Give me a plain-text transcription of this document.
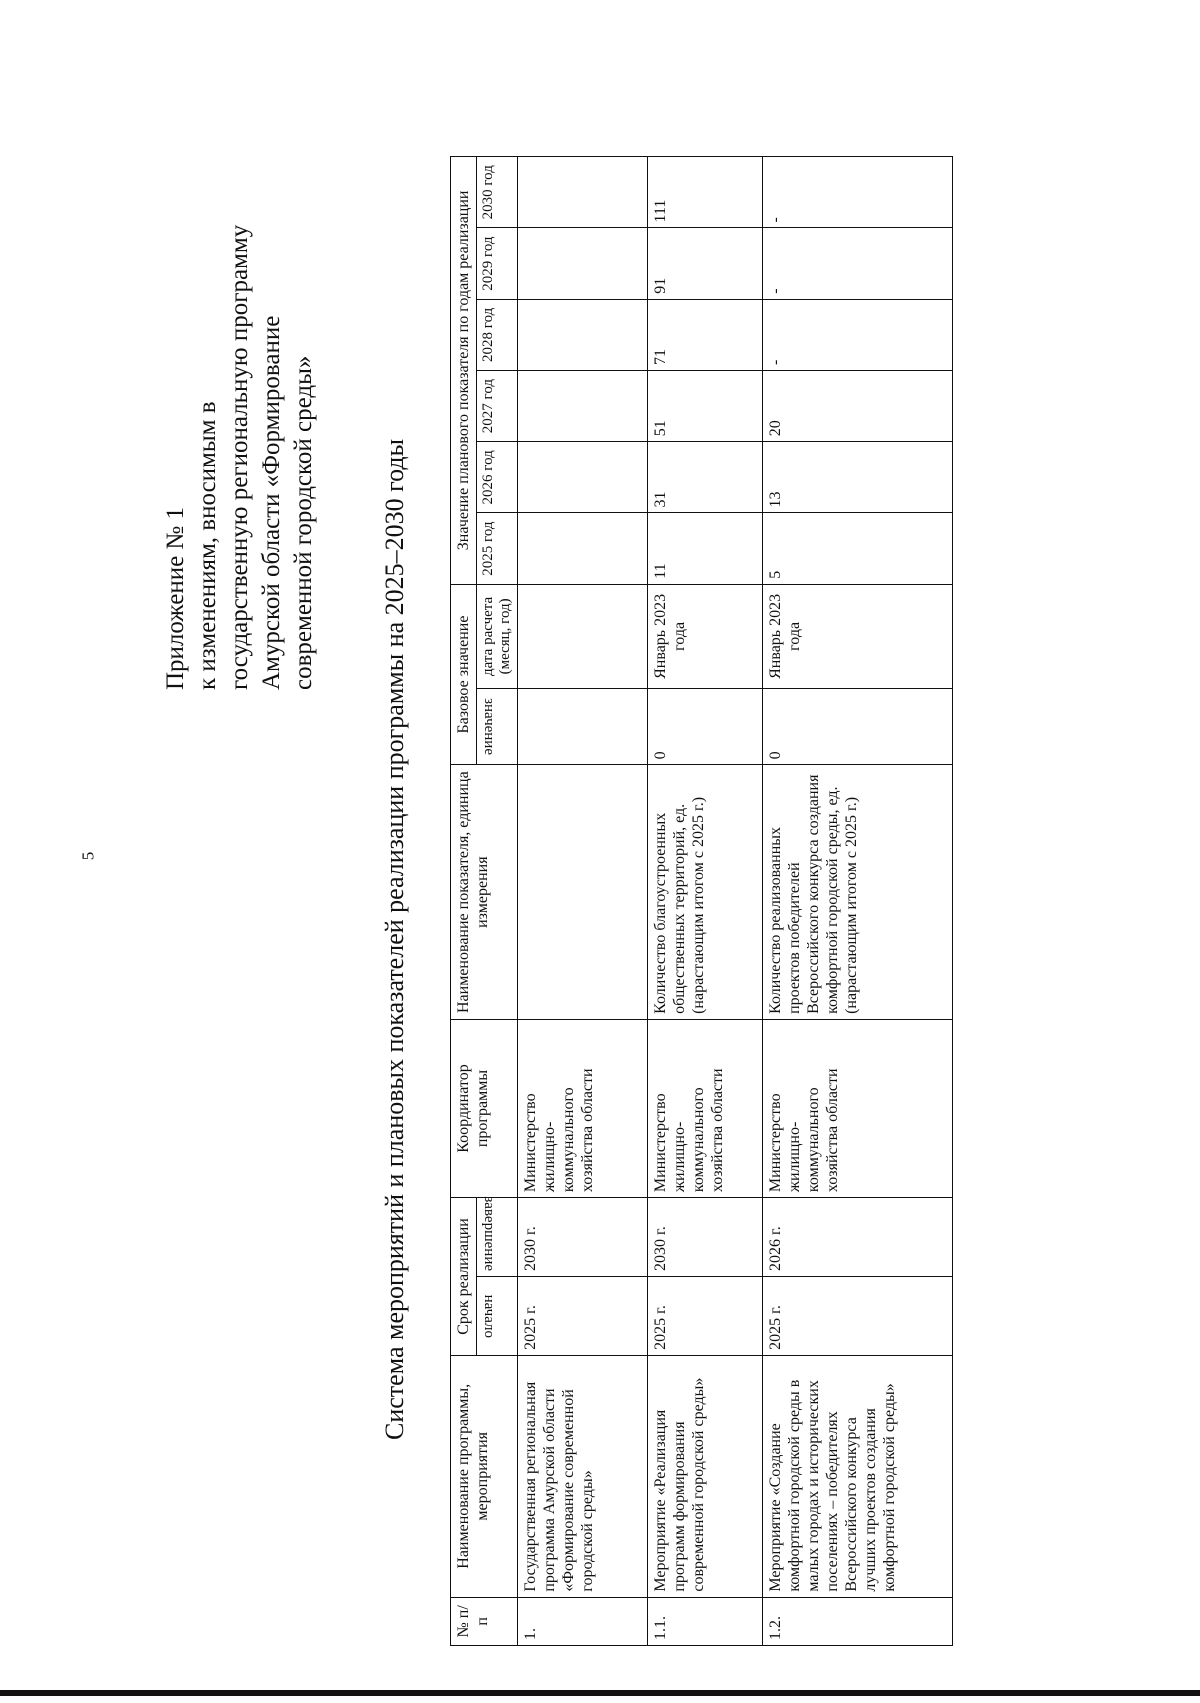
5
Приложение № 1 к изменениям, вносимым в государственную региональную программу Амурской области «Формирование современной городской среды» Система мероприятий и плановых показателей реализации программы на 2025–2030 годы
№ п/п	Наименование программы, мероприятия	Срок реализации		Координатор программы	Наименование показателя, единица измерения	Базовое значение		Значение планового показателя по годам реализации					
		начало	завершение			значение	дата расчета (месяц, год)	2025 год	2026 год	2027 год	2028 год	2029 год	2030 год
1.	Государственная региональная программа Амурской области «Формирование современной городской среды»	2025 г.	2030 г.	Министерство жилищно-коммунального хозяйства области									
1.1.	Мероприятие «Реализация программ формирования современной городской среды»	2025 г.	2030 г.	Министерство жилищно-коммунального хозяйства области	Количество благоустроенных общественных территорий, ед. (нарастающим итогом с 2025 г.)	0	Январь 2023 года	11	31	51	71	91	111
1.2.	Мероприятие «Создание комфортной городской среды в малых городах и исторических поселениях – победителях Всероссийского конкурса лучших проектов создания комфортной городской среды»	2025 г.	2026 г.	Министерство жилищно-коммунального хозяйства области	Количество реализованных проектов победителей Всероссийского конкурса создания комфортной городской среды, ед. (нарастающим итогом с 2025 г.)	0	Январь 2023 года	5	13	20	-	-	-
